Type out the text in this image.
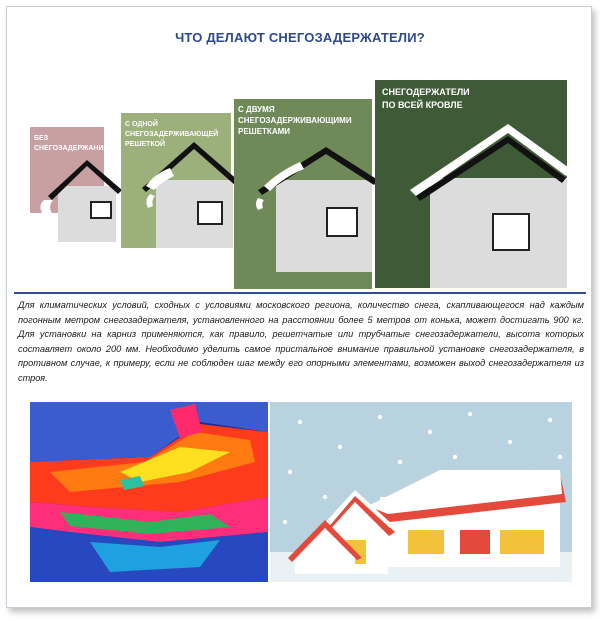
ЧТО ДЕЛАЮТ СНЕГОЗАДЕРЖАТЕЛИ?
БЕЗ
СНЕГОЗАДЕРЖАНИЯ
С ОДНОЙ
СНЕГОЗАДЕРЖИВАЮЩЕЙ
РЕШЕТКОЙ
С ДВУМЯ
СНЕГОЗАДЕРЖИВАЮЩИМИ
РЕШЕТКАМИ
СНЕГОДЕРЖАТЕЛИ
ПО ВСЕЙ КРОВЛЕ
Для климатических условий, сходных с условиями московского региона, количество снега, скапливающегося над каждым погонным метром снегозадержателя, установленного на расстоянии более 5 метров от конька, может достигать 900 кг. Для установки на карниз применяются, как правило, решетчатые или трубчатые снегозадержатели, высота которых составляет около 200 мм. Необходимо уделить самое пристальное внимание правильной установке снегозадержателя, в противном случае, к примеру, если не соблюден шаг между его опорными элементами, возможен выход снегозадержателя из строя.
